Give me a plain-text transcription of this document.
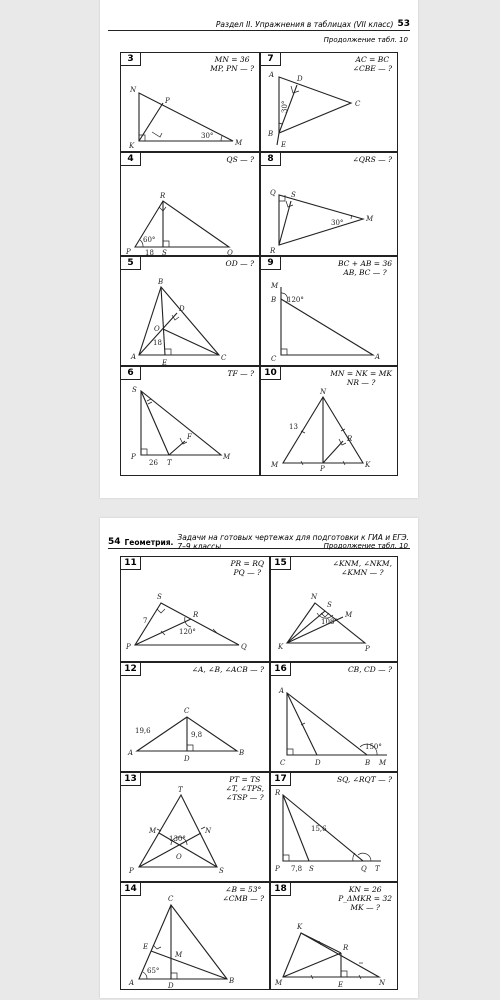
Раздел II. Упражнения в таблицах (VII класс) 53
Продолжение табл. 10
N
P
K	M
30°
3	MN = 36
MP, PN — ?
A	D
C
B
E
30°
7	AC = BC
∠CBE — ?
R
P	S	Q
60°
18
4	QS — ?
Q S
R
M
30°
8	∠QRS — ?
B
D
O
A
E
C
18
5	OD — ?
M
B
C	A
120°
9	BC + AB = 36
AB, BC — ?
S
F
P
T
M
26
6	TF — ?
N
R
M	P	K
13
10	MN = NK = MK
NR — ?
54 Геометрия. Задачи на готовых чертежах для подготовки к ГИА и ЕГЭ. 7–9 классы	Продолжение табл. 10
S
R
P	Q
7
120°
11	PR = RQ
PQ — ?
N
S
M
K	P
108°
15	∠KNM, ∠NKM,
∠KMN — ?
C
A
D
B
19,6	9,8
12	∠A, ∠B, ∠ACB — ?
A
C	D	B M
150°
16	CB, CD — ?
T
M	N
O
P	S
130°
13	PT = TS
∠T, ∠TPS,
∠TSP — ? R
P	S	Q T
15,6
7,8
17	SQ, ∠RQT — ?
C
E
M
A	D
B
65°
14	∠B = 53°
∠CMB — ?
K
R
M	E	N
18	KN = 26
P_ΔMKR = 32
MK — ?
